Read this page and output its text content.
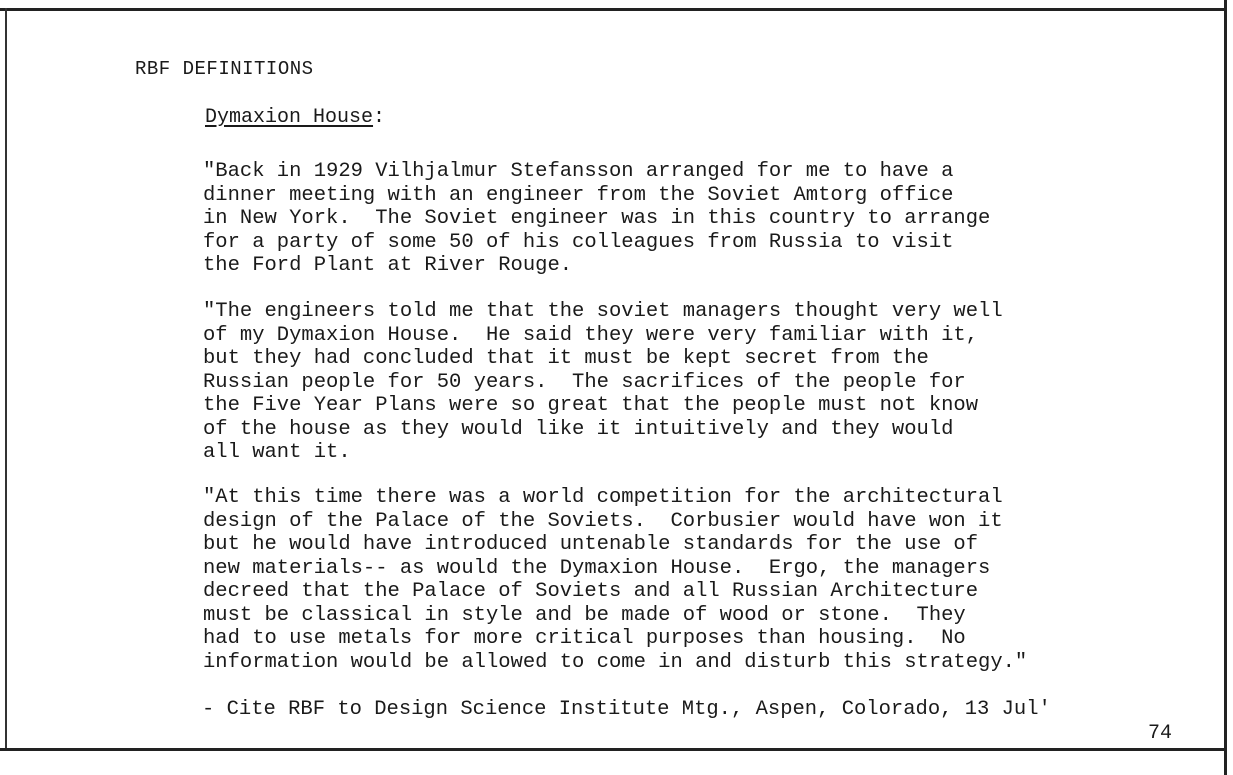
RBF DEFINITIONS
Dymaxion House:

"Back in 1929 Vilhjalmur Stefansson arranged for me to have a
dinner meeting with an engineer from the Soviet Amtorg office
in New York.  The Soviet engineer was in this country to arrange
for a party of some 50 of his colleagues from Russia to visit
the Ford Plant at River Rouge.

"The engineers told me that the soviet managers thought very well
of my Dymaxion House.  He said they were very familiar with it,
but they had concluded that it must be kept secret from the
Russian people for 50 years.  The sacrifices of the people for
the Five Year Plans were so great that the people must not know
of the house as they would like it intuitively and they would
all want it.

"At this time there was a world competition for the architectural
design of the Palace of the Soviets.  Corbusier would have won it
but he would have introduced untenable standards for the use of
new materials-- as would the Dymaxion House.  Ergo, the managers
decreed that the Palace of Soviets and all Russian Architecture
must be classical in style and be made of wood or stone.  They
had to use metals for more critical purposes than housing.  No
information would be allowed to come in and disturb this strategy."

- Cite RBF to Design Science Institute Mtg., Aspen, Colorado, 13 Jul'
74
